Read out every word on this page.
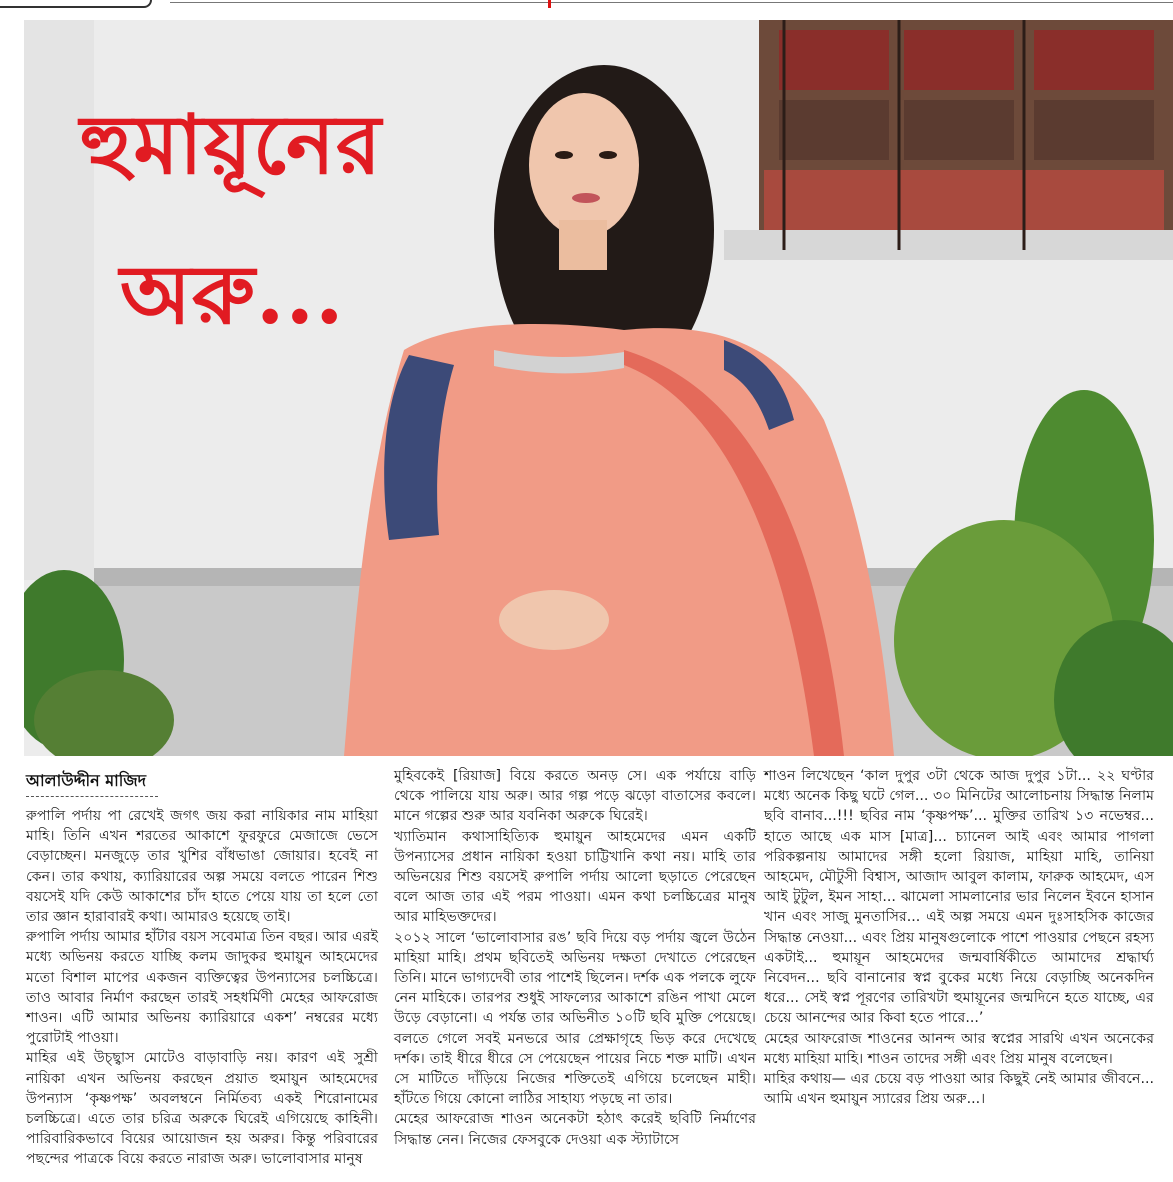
হুমায়ূনের
অরু...
আলাউদ্দীন মাজিদ

রুপালি পর্দায় পা রেখেই জগৎ জয় করা নায়িকার নাম মাহিয়া মাহি। তিনি এখন শরতের আকাশে ফুরফুরে মেজাজে ভেসে বেড়াচ্ছেন। মনজুড়ে তার খুশির বাঁধভাঙা জোয়ার। হবেই না কেন। তার কথায়, ক্যারিয়ারের অল্প সময়ে বলতে পারেন শিশু বয়সেই যদি কেউ আকাশের চাঁদ হাতে পেয়ে যায় তা হলে তো তার জ্ঞান হারাবারই কথা। আমারও হয়েছে তাই।

রুপালি পর্দায় আমার হাঁটার বয়স সবেমাত্র তিন বছর। আর এরই মধ্যে অভিনয় করতে যাচ্ছি কলম জাদুকর হুমায়ুন আহমেদের মতো বিশাল মাপের একজন ব্যক্তিত্বের উপন্যাসের চলচ্চিত্রে। তাও আবার নির্মাণ করছেন তারই সহধর্মিণী মেহের আফরোজ শাওন। এটি আমার অভিনয় ক্যারিয়ারে একশ’ নম্বরের মধ্যে পুরোটাই পাওয়া।

মাহির এই উচ্ছ্বাস মোটেও বাড়াবাড়ি নয়। কারণ এই সুশ্রী নায়িকা এখন অভিনয় করছেন প্রয়াত হুমায়ুন আহমেদের উপন্যাস ‘কৃষ্ণপক্ষ’ অবলম্বনে নির্মিতব্য একই শিরোনামের চলচ্চিত্রে। এতে তার চরিত্র অরুকে ঘিরেই এগিয়েছে কাহিনী। পারিবারিকভাবে বিয়ের আয়োজন হয় অরুর। কিন্তু পরিবারের পছন্দের পাত্রকে বিয়ে করতে নারাজ অরু। ভালোবাসার মানুষ

মুহিবকেই [রিয়াজ] বিয়ে করতে অনড় সে। এক পর্যায়ে বাড়ি থেকে পালিয়ে যায় অরু। আর গল্প পড়ে ঝড়ো বাতাসের কবলে। মানে গল্পের শুরু আর যবনিকা অরুকে ঘিরেই।

খ্যাতিমান কথাসাহিত্যিক হুমায়ুন আহমেদের এমন একটি উপন্যাসের প্রধান নায়িকা হওয়া চাট্টিখানি কথা নয়। মাহি তার অভিনয়ের শিশু বয়সেই রুপালি পর্দায় আলো ছড়াতে পেরেছেন বলে আজ তার এই পরম পাওয়া। এমন কথা চলচ্চিত্রের মানুষ আর মাহিভক্তদের।

২০১২ সালে ‘ভালোবাসার রঙ’ ছবি দিয়ে বড় পর্দায় জ্বলে উঠেন মাহিয়া মাহি। প্রথম ছবিতেই অভিনয় দক্ষতা দেখাতে পেরেছেন তিনি। মানে ভাগ্যদেবী তার পাশেই ছিলেন। দর্শক এক পলকে লুফে নেন মাহিকে। তারপর শুধুই সাফল্যের আকাশে রঙিন পাখা মেলে উড়ে বেড়ানো। এ পর্যন্ত তার অভিনীত ১০টি ছবি মুক্তি পেয়েছে। বলতে গেলে সবই মনভরে আর প্রেক্ষাগৃহে ভিড় করে দেখেছে দর্শক। তাই ধীরে ধীরে সে পেয়েছেন পায়ের নিচে শক্ত মাটি। এখন সে মাটিতে দাঁড়িয়ে নিজের শক্তিতেই এগিয়ে চলেছেন মাহী। হাঁটতে গিয়ে কোনো লাঠির সাহায্য পড়ছে না তার।

মেহের আফরোজ শাওন অনেকটা হঠাৎ করেই ছবিটি নির্মাণের সিদ্ধান্ত নেন। নিজের ফেসবুকে দেওয়া এক স্ট্যাটাসে

শাওন লিখেছেন ‘কাল দুপুর ৩টা থেকে আজ দুপুর ১টা... ২২ ঘণ্টার মধ্যে অনেক কিছু ঘটে গেল... ৩০ মিনিটের আলোচনায় সিদ্ধান্ত নিলাম ছবি বানাব...!!! ছবির নাম ‘কৃষ্ণপক্ষ’... মুক্তির তারিখ ১৩ নভেম্বর... হাতে আছে এক মাস [মাত্র]... চ্যানেল আই এবং আমার পাগলা পরিকল্পনায় আমাদের সঙ্গী হলো রিয়াজ, মাহিয়া মাহি, তানিয়া আহমেদ, মৌটুসী বিশ্বাস, আজাদ আবুল কালাম, ফারুক আহমেদ, এস আই টুটুল, ইমন সাহা... ঝামেলা সামলানোর ভার নিলেন ইবনে হাসান খান এবং সাজু মুনতাসির... এই অল্প সময়ে এমন দুঃসাহসিক কাজের সিদ্ধান্ত নেওয়া... এবং প্রিয় মানুষগুলোকে পাশে পাওয়ার পেছনে রহস্য একটাই... হুমায়ূন আহমেদের জন্মবার্ষিকীতে আমাদের শ্রদ্ধার্ঘ্য নিবেদন... ছবি বানানোর স্বপ্ন বুকের মধ্যে নিয়ে বেড়াচ্ছি অনেকদিন ধরে... সেই স্বপ্ন পূরণের তারিখটা হুমায়ূনের জন্মদিনে হতে যাচ্ছে, এর চেয়ে আনন্দের আর কিবা হতে পারে...’

মেহের আফরোজ শাওনের আনন্দ আর স্বপ্নের সারথি এখন অনেকের মধ্যে মাহিয়া মাহি। শাওন তাদের সঙ্গী এবং প্রিয় মানুষ বলেছেন।

মাহির কথায়— এর চেয়ে বড় পাওয়া আর কিছুই নেই আমার জীবনে... আমি এখন হুমায়ুন স্যারের প্রিয় অরু...।
